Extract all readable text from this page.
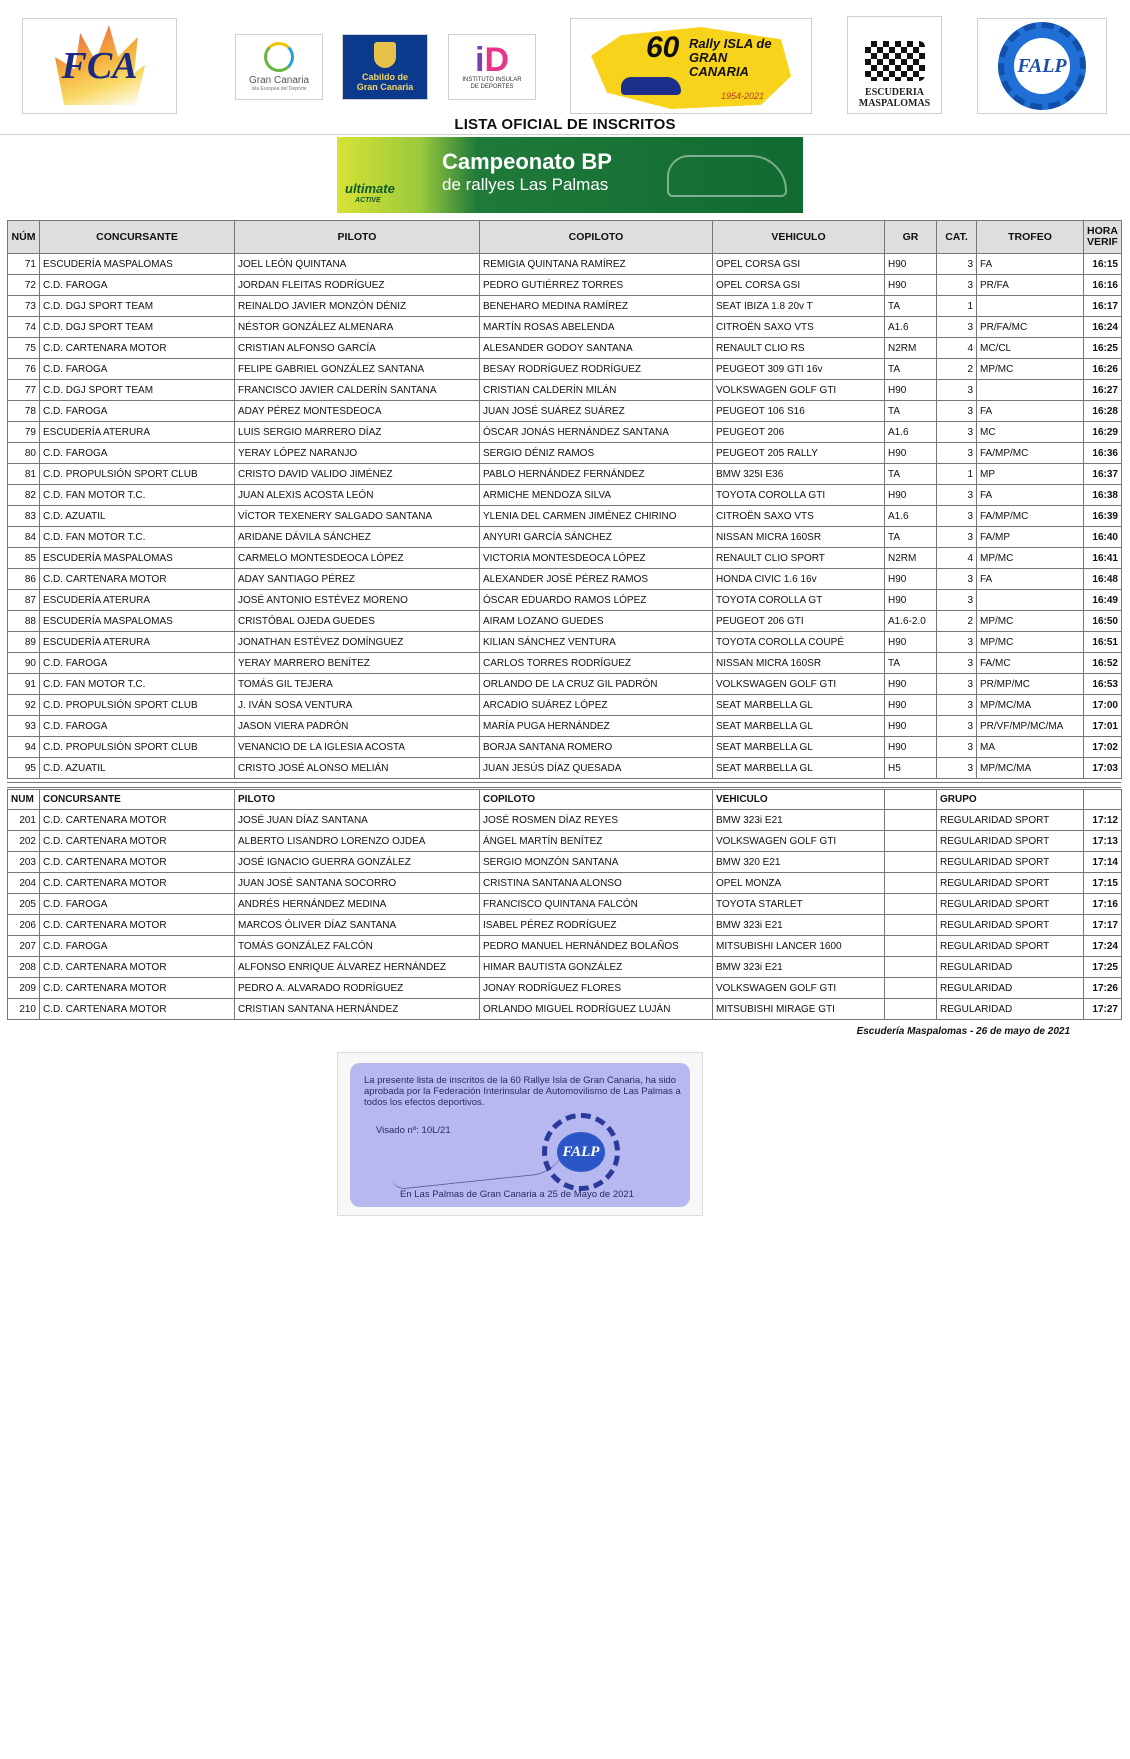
FCA	Gran Canaria
Isla Europea del Deporte
Cabildo de
Gran Canaria
iD
INSTITUTO INSULAR
DE DEPORTES
60 Rally ISLA de
GRAN
CANARIA
1954-2021	ESCUDERIA
MASPALOMAS
FALP
LISTA OFICIAL DE INSCRITOS
ultimate
ACTIVE
Campeonato BP
de rallyes Las Palmas
NÚM	CONCURSANTE	PILOTO	COPILOTO	VEHICULO	GR	CAT.	TROFEO	HORA VERIF
71	ESCUDERÍA MASPALOMAS	JOEL LEÓN QUINTANA	REMIGIA QUINTANA RAMÍREZ	OPEL CORSA GSI	H90	3	FA	16:15
72	C.D. FAROGA	JORDAN FLEITAS RODRÍGUEZ	PEDRO GUTIÉRREZ TORRES	OPEL CORSA GSI	H90	3	PR/FA	16:16
73	C.D. DGJ SPORT TEAM	REINALDO JAVIER MONZÓN DÉNIZ	BENEHARO MEDINA RAMÍREZ	SEAT IBIZA 1.8 20v T	TA	1		16:17
74	C.D. DGJ SPORT TEAM	NÉSTOR GONZÁLEZ ALMENARA	MARTÍN ROSAS ABELENDA	CITROËN SAXO VTS	A1.6	3	PR/FA/MC	16:24
75	C.D. CARTENARA MOTOR	CRISTIAN ALFONSO GARCÍA	ALESANDER GODOY SANTANA	RENAULT CLIO RS	N2RM	4	MC/CL	16:25
76	C.D. FAROGA	FELIPE GABRIEL GONZÁLEZ SANTANA	BESAY RODRÍGUEZ RODRÍGUEZ	PEUGEOT 309 GTI 16v	TA	2	MP/MC	16:26
77	C.D. DGJ SPORT TEAM	FRANCISCO JAVIER CALDERÍN SANTANA	CRISTIAN CALDERÍN MILÁN	VOLKSWAGEN GOLF GTI	H90	3		16:27
78	C.D. FAROGA	ADAY PÉREZ MONTESDEOCA	JUAN JOSÉ SUÁREZ SUÁREZ	PEUGEOT 106 S16	TA	3	FA	16:28
79	ESCUDERÍA ATERURA	LUIS SERGIO MARRERO DÍAZ	ÓSCAR JONÁS HERNÁNDEZ SANTANA	PEUGEOT 206	A1.6	3	MC	16:29
80	C.D. FAROGA	YERAY LÓPEZ NARANJO	SERGIO DÉNIZ RAMOS	PEUGEOT 205 RALLY	H90	3	FA/MP/MC	16:36
81	C.D. PROPULSIÓN SPORT CLUB	CRISTO DAVID VALIDO JIMÉNEZ	PABLO HERNÁNDEZ FERNÁNDEZ	BMW 325I E36	TA	1	MP	16:37
82	C.D. FAN MOTOR T.C.	JUAN ALEXIS ACOSTA LEÓN	ARMICHE MENDOZA SILVA	TOYOTA COROLLA GTI	H90	3	FA	16:38
83	C.D. AZUATIL	VÍCTOR TEXENERY SALGADO SANTANA	YLENIA DEL CARMEN JIMÉNEZ CHIRINO	CITROËN SAXO VTS	A1.6	3	FA/MP/MC	16:39
84	C.D. FAN MOTOR T.C.	ARIDANE DÁVILA SÁNCHEZ	ANYURI GARCÍA SÁNCHEZ	NISSAN MICRA 160SR	TA	3	FA/MP	16:40
85	ESCUDERÍA MASPALOMAS	CARMELO MONTESDEOCA LÓPEZ	VICTORIA MONTESDEOCA LÓPEZ	RENAULT CLIO SPORT	N2RM	4	MP/MC	16:41
86	C.D. CARTENARA MOTOR	ADAY SANTIAGO PÉREZ	ALEXANDER JOSÉ PÉREZ RAMOS	HONDA CIVIC 1.6 16v	H90	3	FA	16:48
87	ESCUDERÍA ATERURA	JOSÉ ANTONIO ESTÉVEZ MORENO	ÓSCAR EDUARDO RAMOS LÓPEZ	TOYOTA COROLLA GT	H90	3		16:49
88	ESCUDERÍA MASPALOMAS	CRISTÓBAL OJEDA GUEDES	AIRAM LOZANO GUEDES	PEUGEOT 206 GTI	A1.6-2.0	2	MP/MC	16:50
89	ESCUDERÍA ATERURA	JONATHAN ESTÉVEZ DOMÍNGUEZ	KILIAN SÁNCHEZ VENTURA	TOYOTA COROLLA COUPÉ	H90	3	MP/MC	16:51
90	C.D. FAROGA	YERAY MARRERO BENÍTEZ	CARLOS TORRES RODRÍGUEZ	NISSAN MICRA 160SR	TA	3	FA/MC	16:52
91	C.D. FAN MOTOR T.C.	TOMÁS GIL TEJERA	ORLANDO DE LA CRUZ GIL PADRÓN	VOLKSWAGEN GOLF GTI	H90	3	PR/MP/MC	16:53
92	C.D. PROPULSIÓN SPORT CLUB	J. IVÁN SOSA VENTURA	ARCADIO SUÁREZ LÓPEZ	SEAT MARBELLA GL	H90	3	MP/MC/MA	17:00
93	C.D. FAROGA	JASON VIERA PADRÓN	MARÍA PUGA HERNÁNDEZ	SEAT MARBELLA GL	H90	3	PR/VF/MP/MC/MA	17:01
94	C.D. PROPULSIÓN SPORT CLUB	VENANCIO DE LA IGLESIA ACOSTA	BORJA SANTANA ROMERO	SEAT MARBELLA GL	H90	3	MA	17:02
95	C.D. AZUATIL	CRISTO JOSÉ ALONSO MELIÁN	JUAN JESÚS DÍAZ QUESADA	SEAT MARBELLA GL	H5	3	MP/MC/MA	17:03
NUM	CONCURSANTE	PILOTO	COPILOTO	VEHICULO		GRUPO	
201	C.D. CARTENARA MOTOR	JOSÉ JUAN DÍAZ SANTANA	JOSÉ ROSMEN DÍAZ REYES	BMW 323i E21		REGULARIDAD SPORT	17:12
202	C.D. CARTENARA MOTOR	ALBERTO LISANDRO LORENZO OJDEA	ÁNGEL MARTÍN BENÍTEZ	VOLKSWAGEN GOLF GTI		REGULARIDAD SPORT	17:13
203	C.D. CARTENARA MOTOR	JOSÉ IGNACIO GUERRA GONZÁLEZ	SERGIO MONZÓN SANTANA	BMW 320 E21		REGULARIDAD SPORT	17:14
204	C.D. CARTENARA MOTOR	JUAN JOSÉ SANTANA SOCORRO	CRISTINA SANTANA ALONSO	OPEL MONZA		REGULARIDAD SPORT	17:15
205	C.D. FAROGA	ANDRÉS HERNÁNDEZ MEDINA	FRANCISCO QUINTANA FALCÓN	TOYOTA STARLET		REGULARIDAD SPORT	17:16
206	C.D. CARTENARA MOTOR	MARCOS ÓLIVER DÍAZ SANTANA	ISABEL PÉREZ RODRÍGUEZ	BMW 323i E21		REGULARIDAD SPORT	17:17
207	C.D. FAROGA	TOMÁS GONZÁLEZ FALCÓN	PEDRO MANUEL HERNÁNDEZ BOLAÑOS	MITSUBISHI LANCER 1600		REGULARIDAD SPORT	17:24
208	C.D. CARTENARA MOTOR	ALFONSO ENRIQUE ÁLVAREZ HERNÁNDEZ	HIMAR BAUTISTA GONZÁLEZ	BMW 323i E21		REGULARIDAD	17:25
209	C.D. CARTENARA MOTOR	PEDRO A. ALVARADO RODRÍGUEZ	JONAY RODRÍGUEZ FLORES	VOLKSWAGEN GOLF GTI		REGULARIDAD	17:26
210	C.D. CARTENARA MOTOR	CRISTIAN SANTANA HERNÁNDEZ	ORLANDO MIGUEL RODRÍGUEZ LUJÁN	MITSUBISHI MIRAGE GTI		REGULARIDAD	17:27
Escudería Maspalomas - 26 de mayo de 2021
La presente lista de inscritos de la 60 Rallye Isla de Gran Canaria, ha sido aprobada por la Federación Interinsular de Automovilismo de Las Palmas a todos los efectos deportivos.
Visado nº: 10L/21
FALP
En Las Palmas de Gran Canaria a 25 de Mayo de 2021
